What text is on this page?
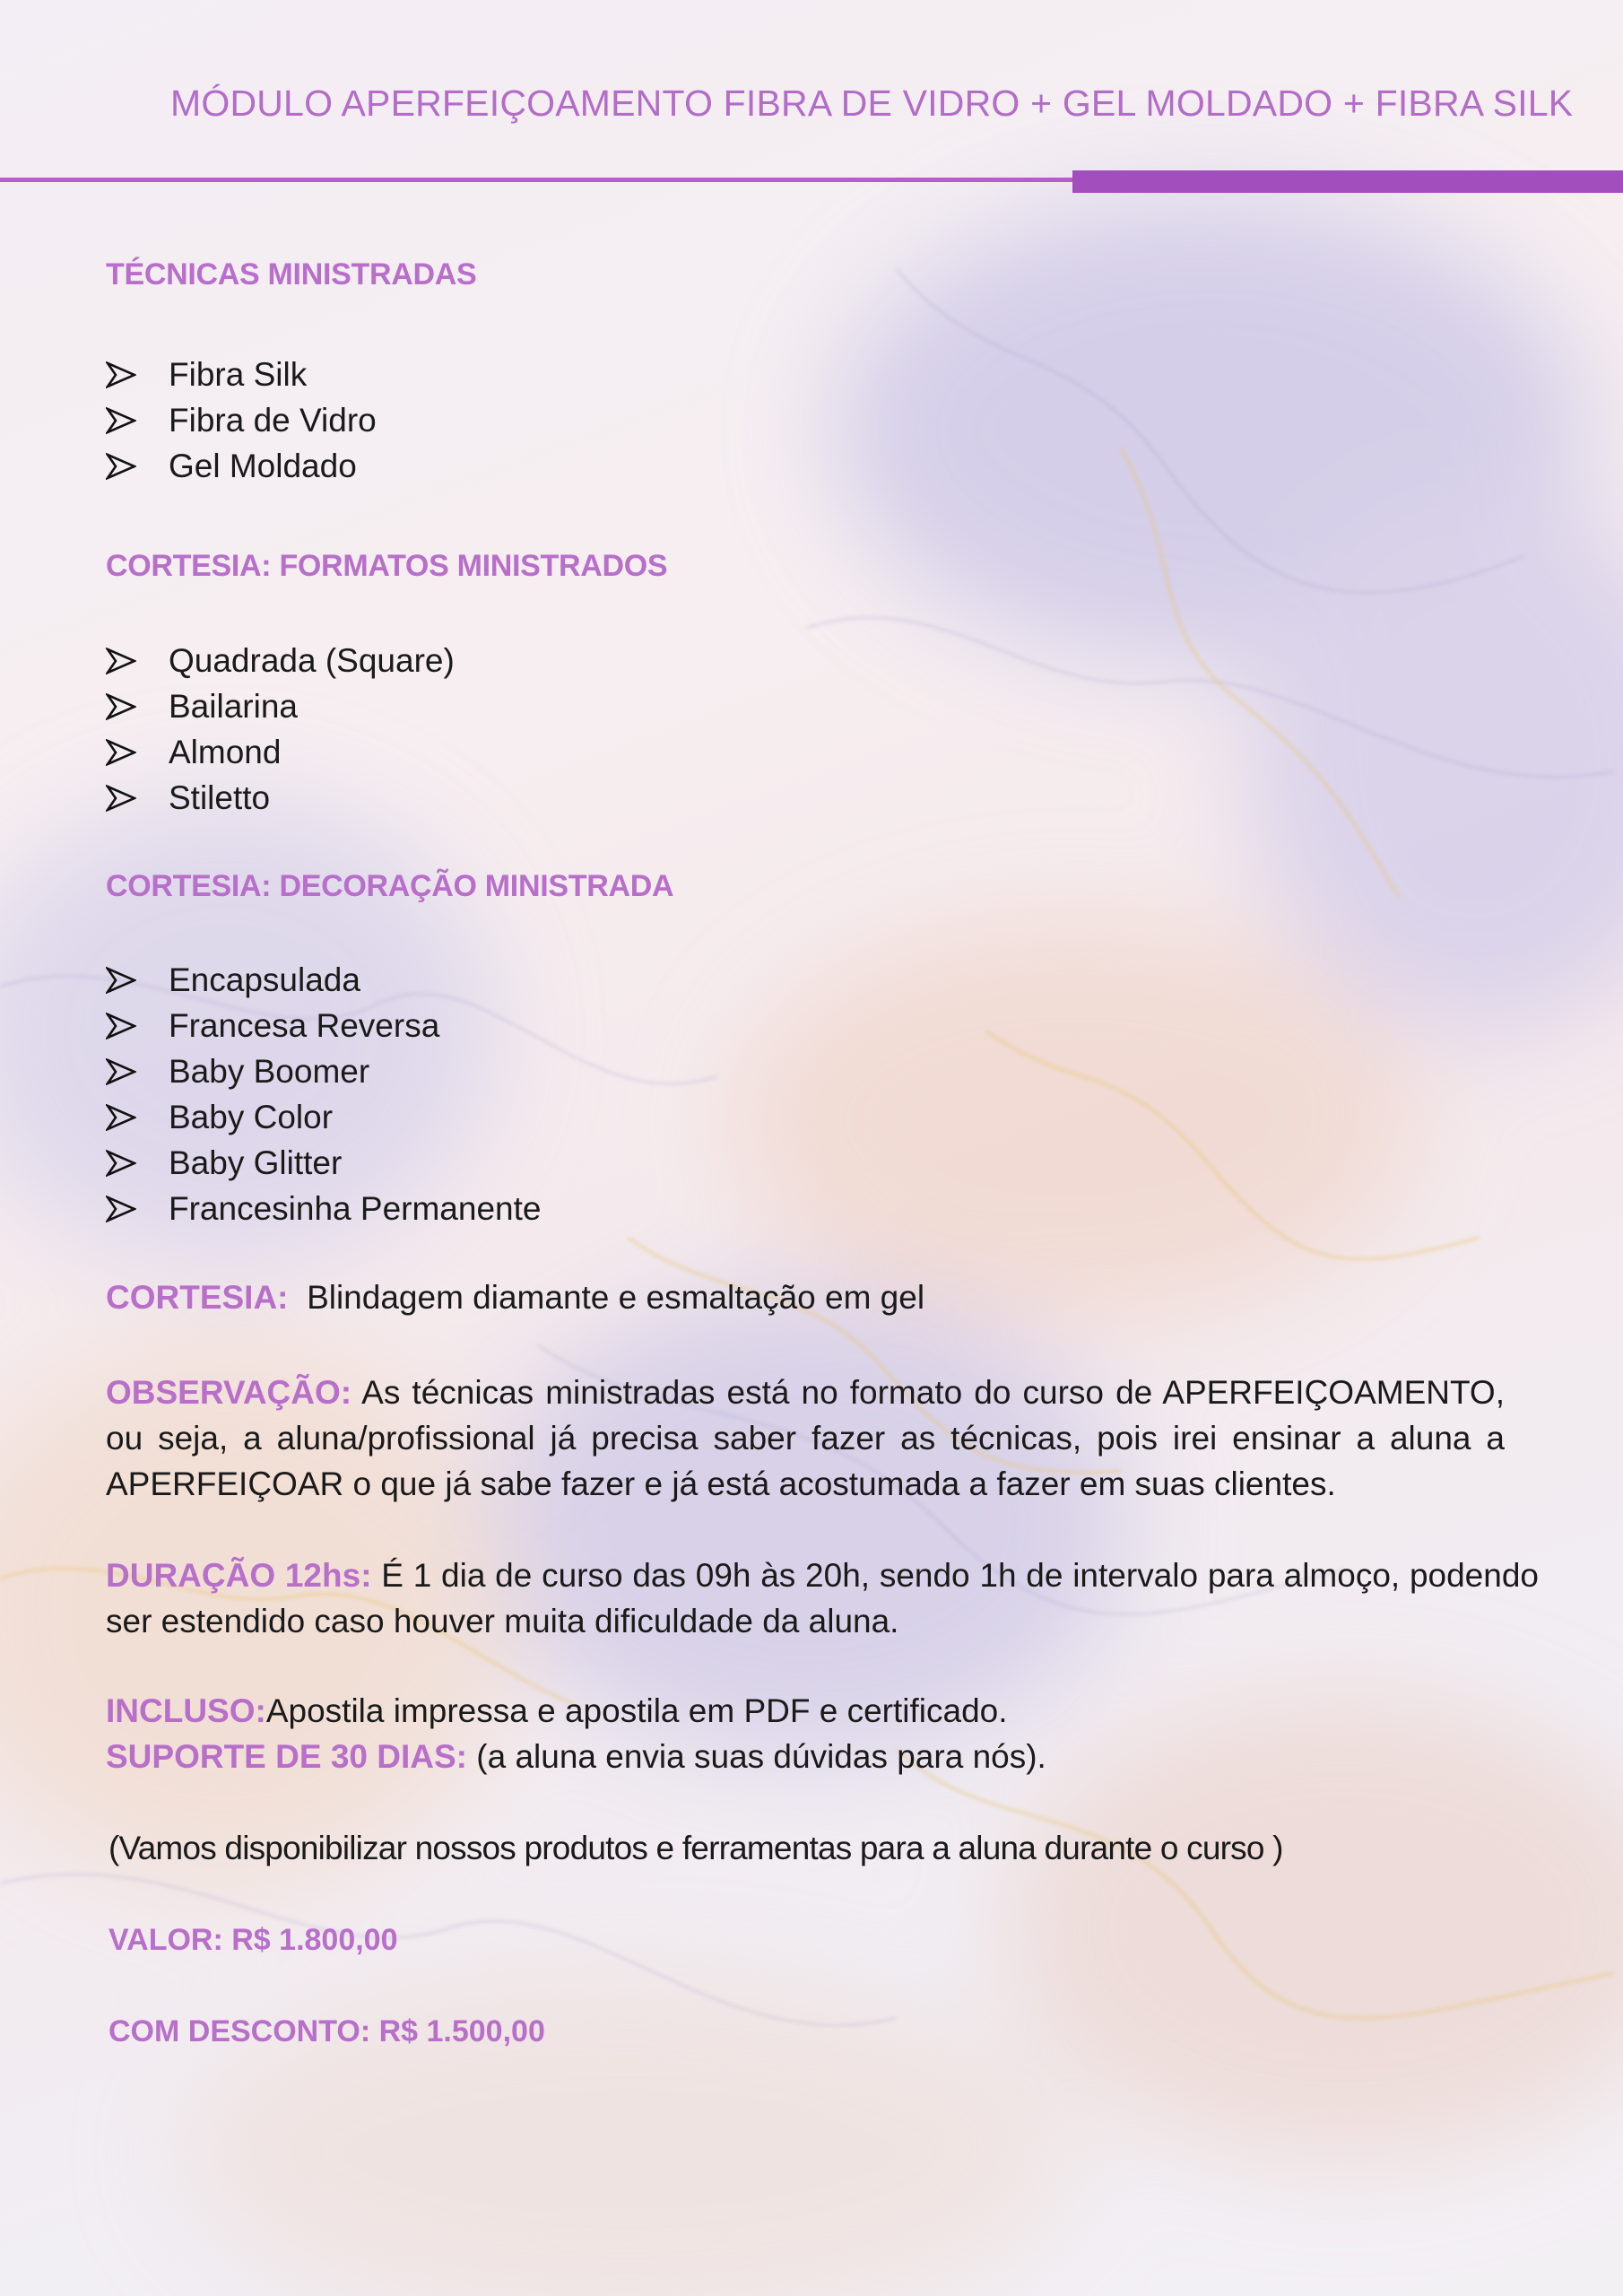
MÓDULO APERFEIÇOAMENTO FIBRA DE VIDRO + GEL MOLDADO + FIBRA SILK
TÉCNICAS MINISTRADAS
Fibra Silk
Fibra de Vidro
Gel Moldado
CORTESIA: FORMATOS MINISTRADOS
Quadrada (Square)
Bailarina
Almond
Stiletto
CORTESIA: DECORAÇÃO MINISTRADA
Encapsulada
Francesa Reversa
Baby Boomer
Baby Color
Baby Glitter
Francesinha Permanente
CORTESIA: Blindagem diamante e esmaltação em gel
OBSERVAÇÃO: As técnicas ministradas está no formato do curso de APERFEIÇOAMENTO, ou seja, a aluna/profissional já precisa saber fazer as técnicas, pois irei ensinar a aluna a APERFEIÇOAR o que já sabe fazer e já está acostumada a fazer em suas clientes.
DURAÇÃO 12hs: É 1 dia de curso das 09h às 20h, sendo 1h de intervalo para almoço, podendo ser estendido caso houver muita dificuldade da aluna.
INCLUSO:Apostila impressa e apostila em PDF e certificado.
SUPORTE DE 30 DIAS: (a aluna envia suas dúvidas para nós).
(Vamos disponibilizar nossos produtos e ferramentas para a aluna durante o curso )
VALOR: R$ 1.800,00
COM DESCONTO: R$ 1.500,00
